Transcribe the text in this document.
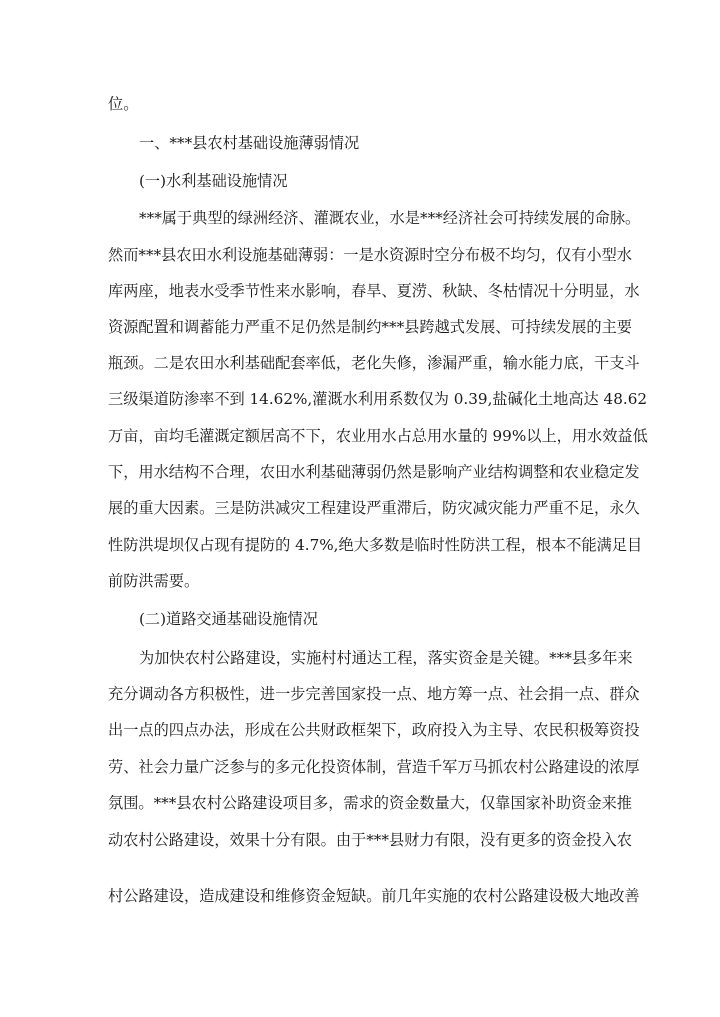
位。
一、***县农村基础设施薄弱情况
(一)水利基础设施情况
***属于典型的绿洲经济、灌溉农业，水是***经济社会可持续发展的命脉。
然而***县农田水利设施基础薄弱：一是水资源时空分布极不均匀，仅有小型水
库两座，地表水受季节性来水影响，春旱、夏涝、秋缺、冬枯情况十分明显，水
资源配置和调蓄能力严重不足仍然是制约***县跨越式发展、可持续发展的主要
瓶颈。二是农田水利基础配套率低，老化失修，渗漏严重，输水能力底，干支斗
三级渠道防渗率不到 14.62%,灌溉水利用系数仅为 0.39,盐碱化土地高达 48.62
万亩，亩均毛灌溉定额居高不下，农业用水占总用水量的 99%以上，用水效益低
下，用水结构不合理，农田水利基础薄弱仍然是影响产业结构调整和农业稳定发
展的重大因素。三是防洪减灾工程建设严重滞后，防灾减灾能力严重不足，永久
性防洪堤坝仅占现有提防的 4.7%,绝大多数是临时性防洪工程，根本不能满足目
前防洪需要。
(二)道路交通基础设施情况
为加快农村公路建设，实施村村通达工程，落实资金是关键。***县多年来
充分调动各方积极性，进一步完善国家投一点、地方筹一点、社会捐一点、群众
出一点的四点办法，形成在公共财政框架下，政府投入为主导、农民积极筹资投
劳、社会力量广泛参与的多元化投资体制，营造千军万马抓农村公路建设的浓厚
氛围。***县农村公路建设项目多，需求的资金数量大，仅靠国家补助资金来推
动农村公路建设，效果十分有限。由于***县财力有限，没有更多的资金投入农
村公路建设，造成建设和维修资金短缺。前几年实施的农村公路建设极大地改善
